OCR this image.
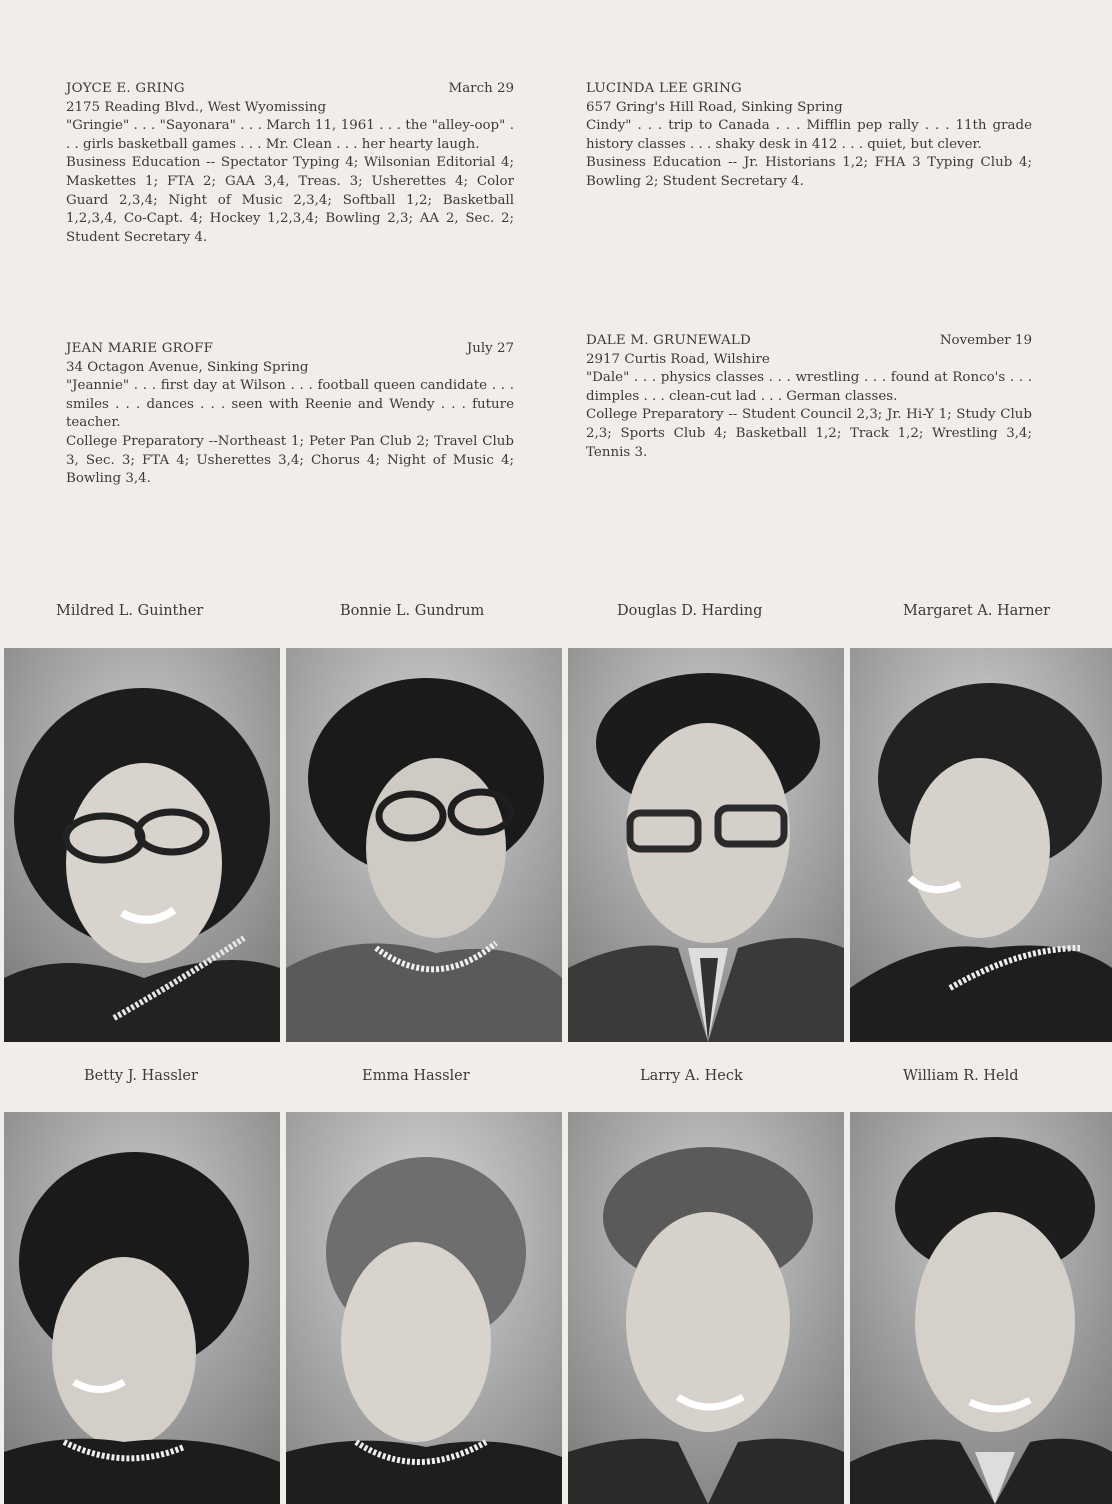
JOYCE E. GRING	March 29

2175 Reading Blvd., West Wyomissing

"Gringie" . . . "Sayonara" . . . March 11, 1961 . . . the "alley-oop" . . . girls basketball games . . . Mr. Clean . . . her hearty laugh.

Business Education -- Spectator Typing 4; Wilsonian Editorial 4; Maskettes 1; FTA 2; GAA 3,4, Treas. 3; Usherettes 4; Color Guard 2,3,4; Night of Music 2,3,4; Softball 1,2; Basketball 1,2,3,4, Co-Capt. 4; Hockey 1,2,3,4; Bowling 2,3; AA 2, Sec. 2; Student Secretary 4.

LUCINDA LEE GRING

657 Gring's Hill Road, Sinking Spring

Cindy" . . . trip to Canada . . . Mifflin pep rally . . . 11th grade history classes . . . shaky desk in 412 . . . quiet, but clever.

Business Education -- Jr. Historians 1,2; FHA 3 Typing Club 4; Bowling 2; Student Secretary 4.

JEAN MARIE GROFF	July 27

34 Octagon Avenue, Sinking Spring

"Jeannie" . . . first day at Wilson . . . football queen candidate . . . smiles . . . dances . . . seen with Reenie and Wendy . . . future teacher.

College Preparatory --Northeast 1; Peter Pan Club 2; Travel Club 3, Sec. 3; FTA 4; Usherettes 3,4; Chorus 4; Night of Music 4; Bowling 3,4.

DALE M. GRUNEWALD	November 19

2917 Curtis Road, Wilshire

"Dale" . . . physics classes . . . wrestling . . . found at Ronco's . . . dimples . . . clean-cut lad . . . German classes.

College Preparatory -- Student Council 2,3; Jr. Hi-Y 1; Study Club 2,3; Sports Club 4; Basketball 1,2; Track 1,2; Wrestling 3,4; Tennis 3.

Mildred L. Guinther	Bonnie L. Gundrum	Douglas D. Harding	Margaret A. Harner
Betty J. Hassler	Emma Hassler	Larry A. Heck	William R. Held
